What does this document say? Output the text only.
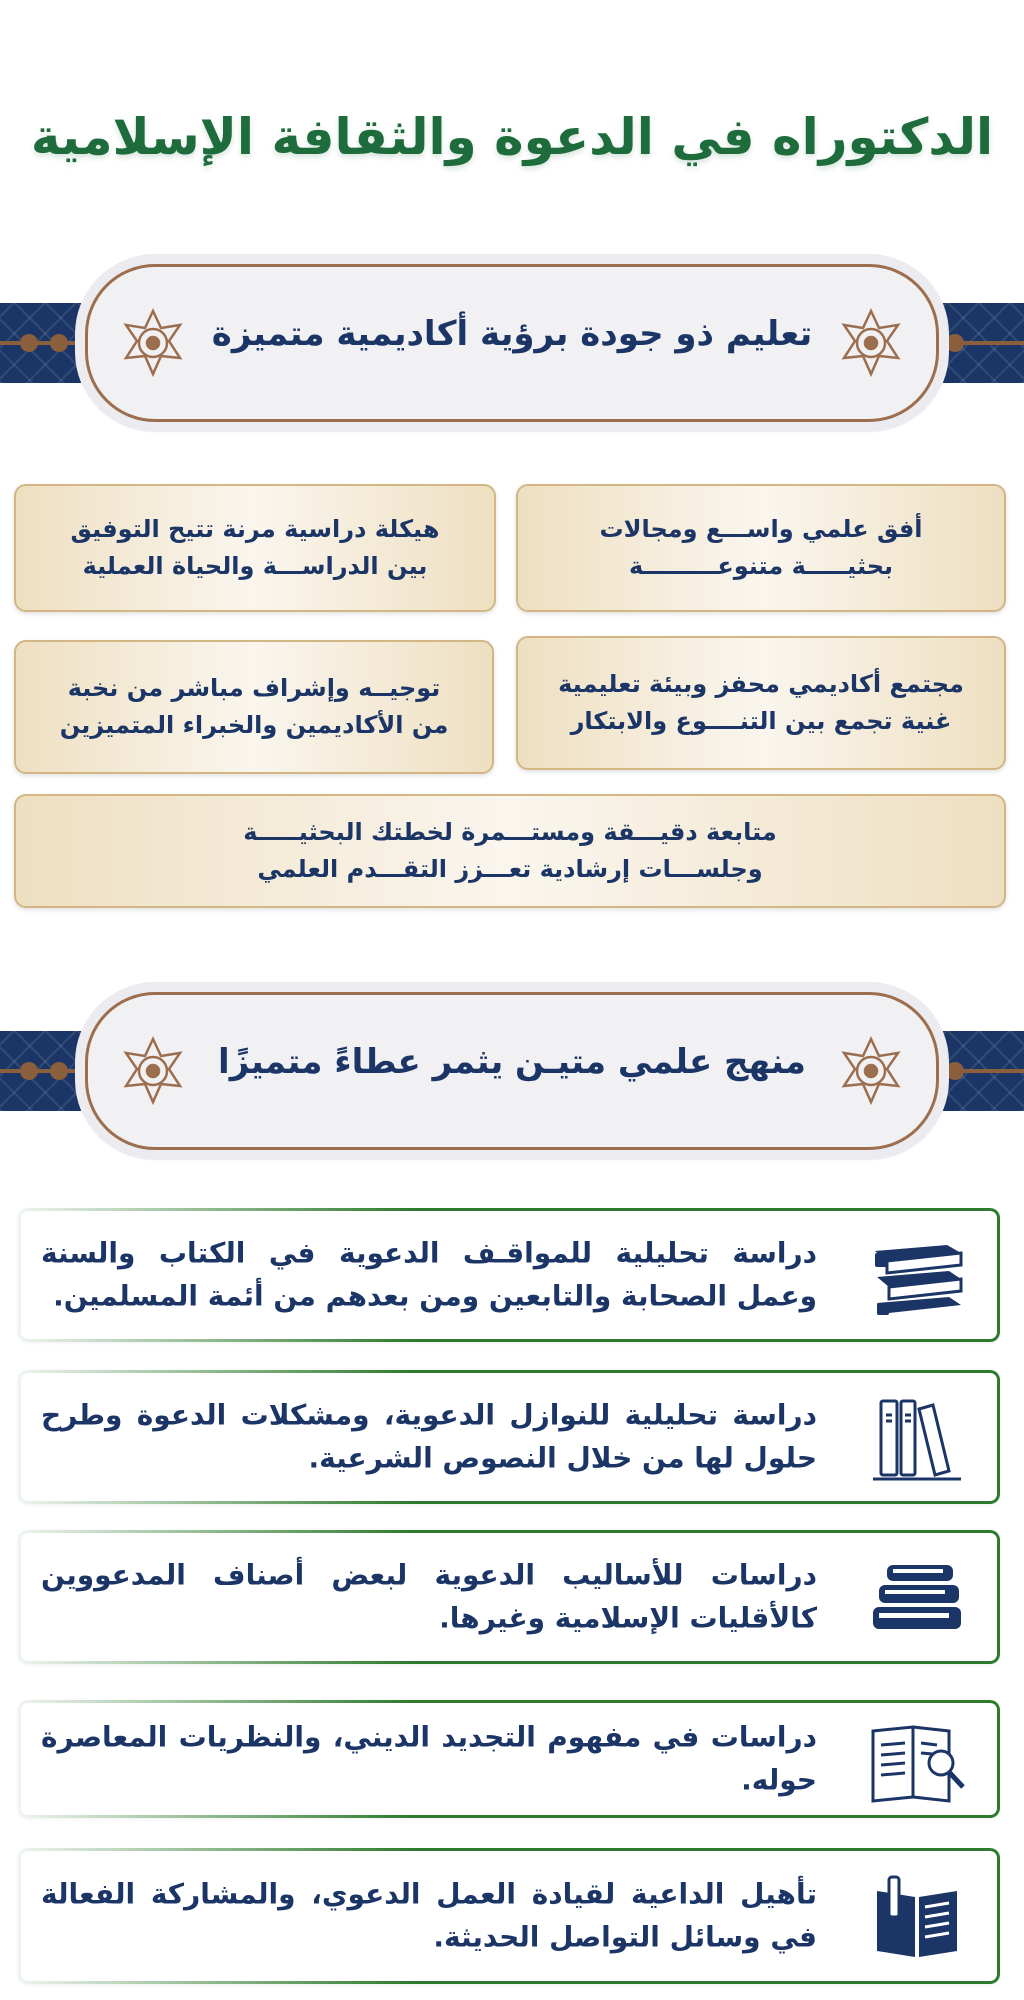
الدكتوراه في الدعوة والثقافة الإسلامية
تعليم ذو جودة برؤية أكاديمية متميزة
أفق علمي واســـع ومجالات
بحثيـــــة متنوعـــــــــة
هيكلة دراسية مرنة تتيح التوفيق
بين الدراســـة والحياة العملية
مجتمع أكاديمي محفز وبيئة تعليمية
غنية تجمع بين التنــــوع والابتكار
توجيــه وإشراف مباشر من نخبة
من الأكاديمين والخبراء المتميزين
متابعة دقيـــقة ومستـــمرة لخطتك البحثيـــــة
وجلســـات إرشادية تعـــزز التقـــدم العلمي
منهج علمي متيـن يثمر عطاءً متميزًا
دراسة تحليلية للمواقـف الدعوية في الكتاب والسنة وعمل الصحابة والتابعين ومن بعدهم من أئمة المسلمين.
دراسة تحليلية للنوازل الدعوية، ومشكلات الدعوة وطرح حلول لها من خلال النصوص الشرعية.
دراسات للأساليب الدعوية لبعض أصناف المدعووين كالأقليات الإسلامية وغيرها.
دراسات في مفهوم التجديد الديني، والنظريات المعاصرة حوله.
تأهيل الداعية لقيادة العمل الدعوي، والمشاركة الفعالة في وسائل التواصل الحديثة.
